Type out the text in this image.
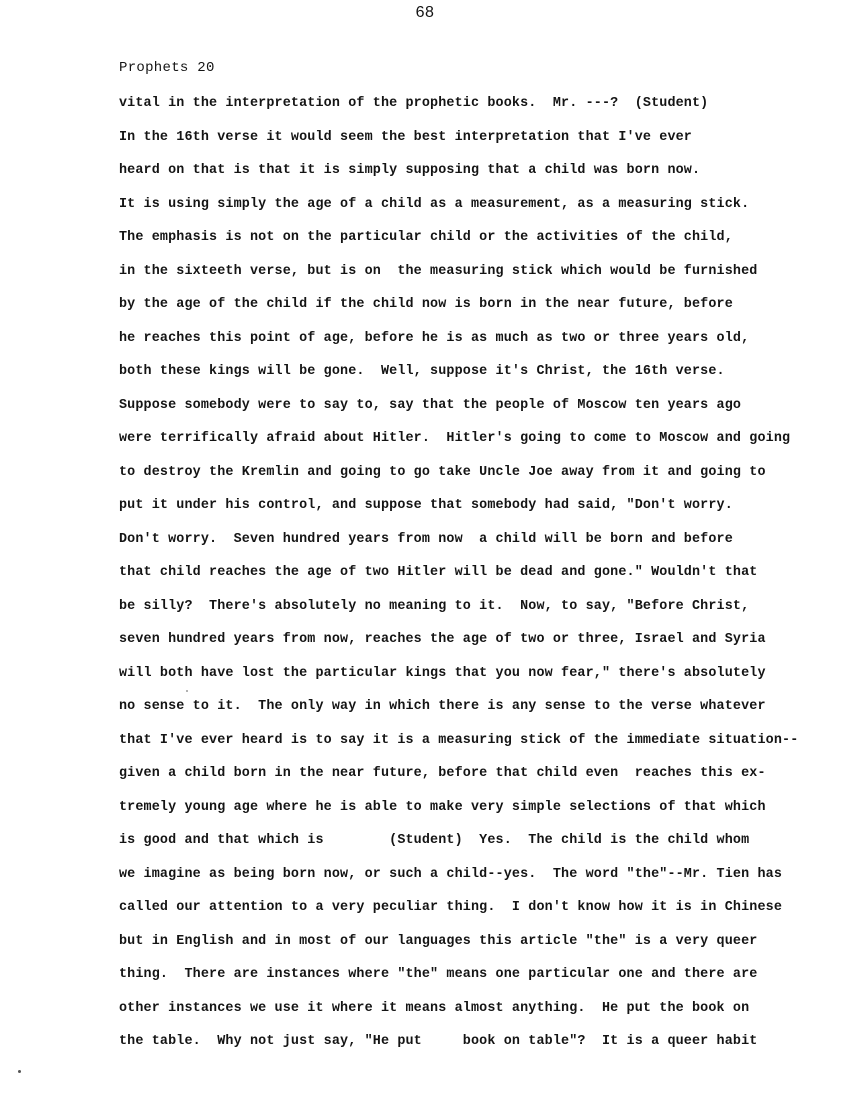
68
Prophets 20
vital in the interpretation of the prophetic books.  Mr. ---?  (Student)
In the 16th verse it would seem the best interpretation that I've ever
heard on that is that it is simply supposing that a child was born now.
It is using simply the age of a child as a measurement, as a measuring stick.
The emphasis is not on the particular child or the activities of the child,
in the sixteeth verse, but is on  the measuring stick which would be furnished
by the age of the child if the child now is born in the near future, before
he reaches this point of age, before he is as much as two or three years old,
both these kings will be gone.  Well, suppose it's Christ, the 16th verse.
Suppose somebody were to say to, say that the people of Moscow ten years ago
were terrifically afraid about Hitler.  Hitler's going to come to Moscow and going
to destroy the Kremlin and going to go take Uncle Joe away from it and going to
put it under his control, and suppose that somebody had said, "Don't worry.
Don't worry.  Seven hundred years from now  a child will be born and before
that child reaches the age of two Hitler will be dead and gone." Wouldn't that
be silly?  There's absolutely no meaning to it.  Now, to say, "Before Christ,
seven hundred years from now, reaches the age of two or three, Israel and Syria
will both have lost the particular kings that you now fear," there's absolutely
no sense to it.  The only way in which there is any sense to the verse whatever
that I've ever heard is to say it is a measuring stick of the immediate situation--
given a child born in the near future, before that child even  reaches this ex-
tremely young age where he is able to make very simple selections of that which
is good and that which is        (Student)  Yes.  The child is the child whom
we imagine as being born now, or such a child--yes.  The word "the"--Mr. Tien has
called our attention to a very peculiar thing.  I don't know how it is in Chinese
but in English and in most of our languages this article "the" is a very queer
thing.  There are instances where "the" means one particular one and there are
other instances we use it where it means almost anything.  He put the book on
the table.  Why not just say, "He put     book on table"?  It is a queer habit
